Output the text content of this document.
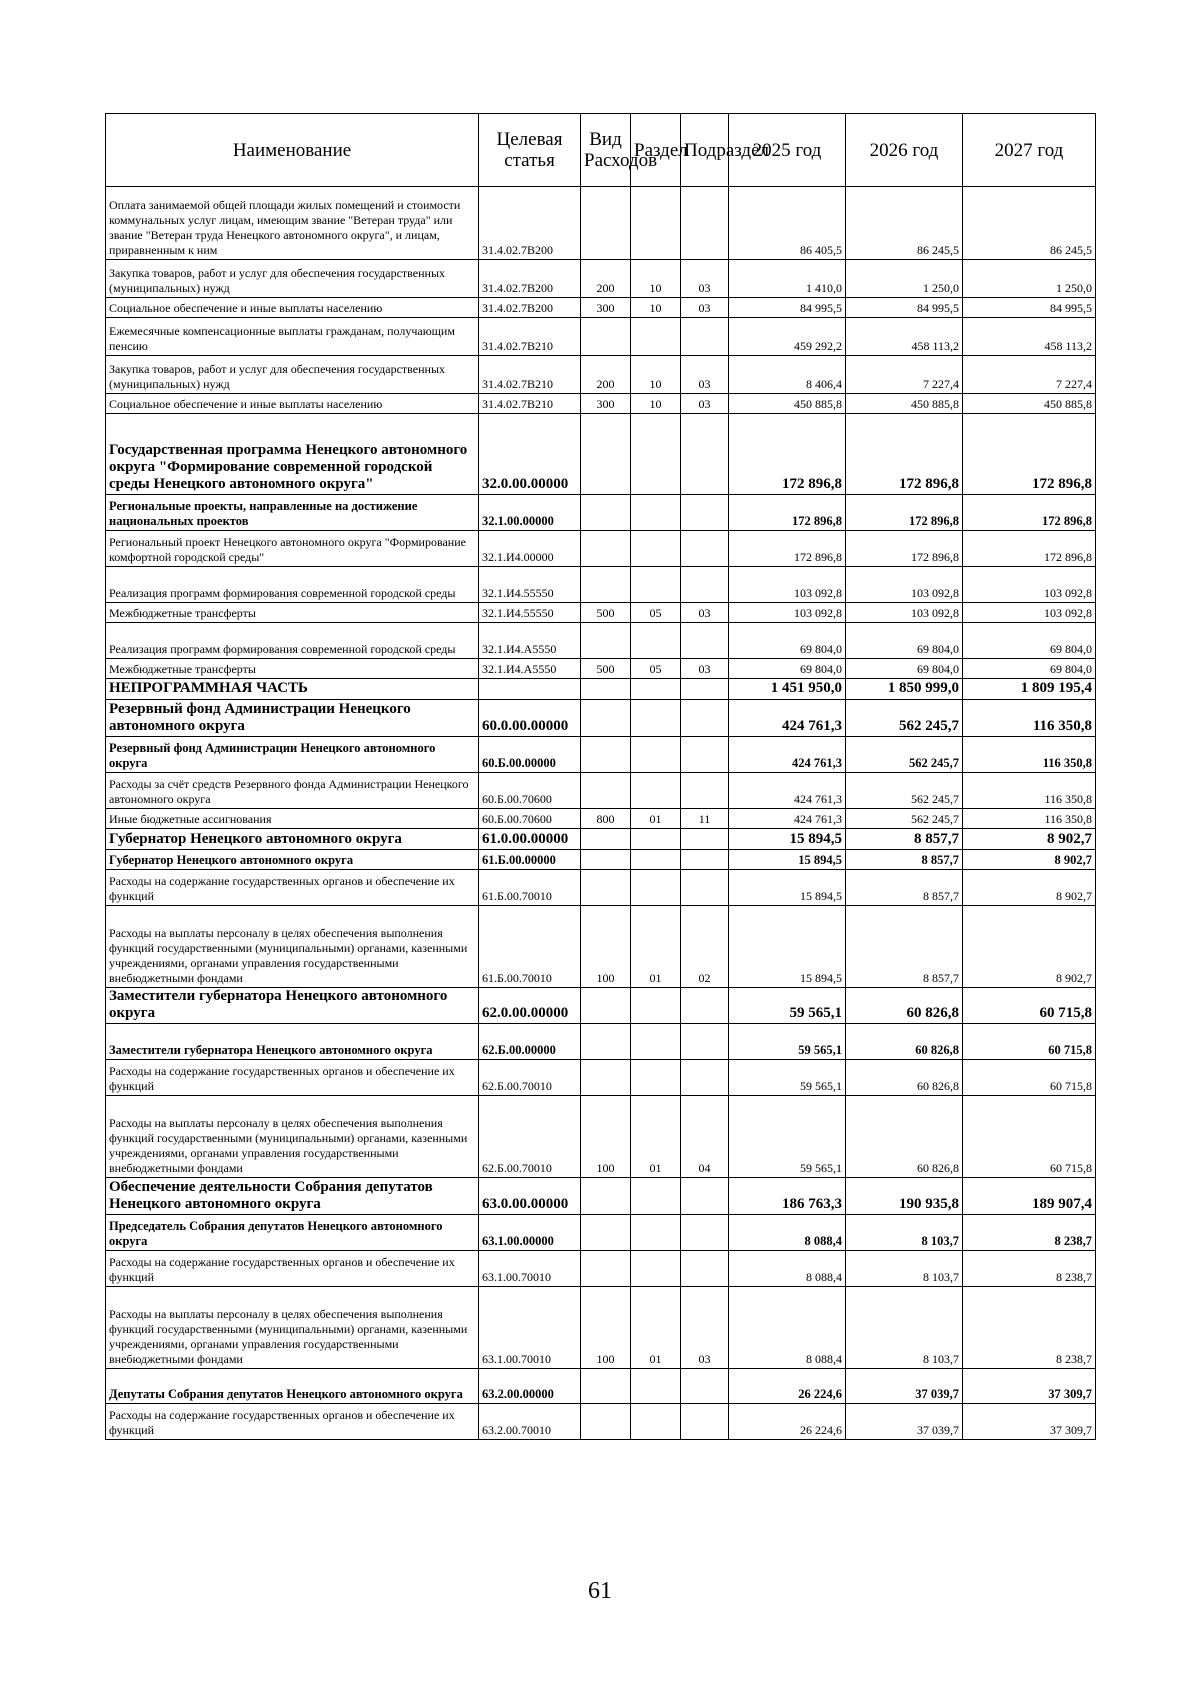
Наименование	Целевая статья	Вид Расходов	Раздел	Подраздел	2025 год	2026 год	2027 год
Оплата занимаемой общей площади жилых помещений и стоимости коммунальных услуг лицам, имеющим звание "Ветеран труда" или звание "Ветеран труда Ненецкого автономного округа", и лицам, приравненным к ним	31.4.02.7В200				86 405,5	86 245,5	86 245,5
Закупка товаров, работ и услуг для обеспечения государственных (муниципальных) нужд	31.4.02.7В200	200	10	03	1 410,0	1 250,0	1 250,0
Социальное обеспечение и иные выплаты населению	31.4.02.7В200	300	10	03	84 995,5	84 995,5	84 995,5
Ежемесячные компенсационные выплаты гражданам, получающим пенсию	31.4.02.7В210				459 292,2	458 113,2	458 113,2
Закупка товаров, работ и услуг для обеспечения государственных (муниципальных) нужд	31.4.02.7В210	200	10	03	8 406,4	7 227,4	7 227,4
Социальное обеспечение и иные выплаты населению	31.4.02.7В210	300	10	03	450 885,8	450 885,8	450 885,8
Государственная программа Ненецкого автономного округа "Формирование современной городской среды Ненецкого автономного округа"	32.0.00.00000				172 896,8	172 896,8	172 896,8
Региональные проекты, направленные на достижение национальных проектов	32.1.00.00000				172 896,8	172 896,8	172 896,8
Региональный проект Ненецкого автономного округа "Формирование комфортной городской среды"	32.1.И4.00000				172 896,8	172 896,8	172 896,8
Реализация программ формирования современной городской среды	32.1.И4.55550				103 092,8	103 092,8	103 092,8
Межбюджетные трансферты	32.1.И4.55550	500	05	03	103 092,8	103 092,8	103 092,8
Реализация программ формирования современной городской среды	32.1.И4.А5550				69 804,0	69 804,0	69 804,0
Межбюджетные трансферты	32.1.И4.А5550	500	05	03	69 804,0	69 804,0	69 804,0
НЕПРОГРАММНАЯ ЧАСТЬ					1 451 950,0	1 850 999,0	1 809 195,4
Резервный фонд Администрации Ненецкого автономного округа	60.0.00.00000				424 761,3	562 245,7	116 350,8
Резервный фонд Администрации Ненецкого автономного округа	60.Б.00.00000				424 761,3	562 245,7	116 350,8
Расходы за счёт средств Резервного фонда Администрации Ненецкого автономного округа	60.Б.00.70600				424 761,3	562 245,7	116 350,8
Иные бюджетные ассигнования	60.Б.00.70600	800	01	11	424 761,3	562 245,7	116 350,8
Губернатор Ненецкого автономного округа	61.0.00.00000				15 894,5	8 857,7	8 902,7
Губернатор Ненецкого автономного округа	61.Б.00.00000				15 894,5	8 857,7	8 902,7
Расходы на содержание государственных органов и обеспечение их функций	61.Б.00.70010				15 894,5	8 857,7	8 902,7
Расходы на выплаты персоналу в целях обеспечения выполнения функций государственными (муниципальными) органами, казенными учреждениями, органами управления государственными внебюджетными фондами	61.Б.00.70010	100	01	02	15 894,5	8 857,7	8 902,7
Заместители губернатора Ненецкого автономного округа	62.0.00.00000				59 565,1	60 826,8	60 715,8
Заместители губернатора Ненецкого автономного округа	62.Б.00.00000				59 565,1	60 826,8	60 715,8
Расходы на содержание государственных органов и обеспечение их функций	62.Б.00.70010				59 565,1	60 826,8	60 715,8
Расходы на выплаты персоналу в целях обеспечения выполнения функций государственными (муниципальными) органами, казенными учреждениями, органами управления государственными внебюджетными фондами	62.Б.00.70010	100	01	04	59 565,1	60 826,8	60 715,8
Обеспечение деятельности Собрания депутатов Ненецкого автономного округа	63.0.00.00000				186 763,3	190 935,8	189 907,4
Председатель Собрания депутатов Ненецкого автономного округа	63.1.00.00000				8 088,4	8 103,7	8 238,7
Расходы на содержание государственных органов и обеспечение их функций	63.1.00.70010				8 088,4	8 103,7	8 238,7
Расходы на выплаты персоналу в целях обеспечения выполнения функций государственными (муниципальными) органами, казенными учреждениями, органами управления государственными внебюджетными фондами	63.1.00.70010	100	01	03	8 088,4	8 103,7	8 238,7
Депутаты Собрания депутатов Ненецкого автономного округа	63.2.00.00000				26 224,6	37 039,7	37 309,7
Расходы на содержание государственных органов и обеспечение их функций	63.2.00.70010				26 224,6	37 039,7	37 309,7
61
